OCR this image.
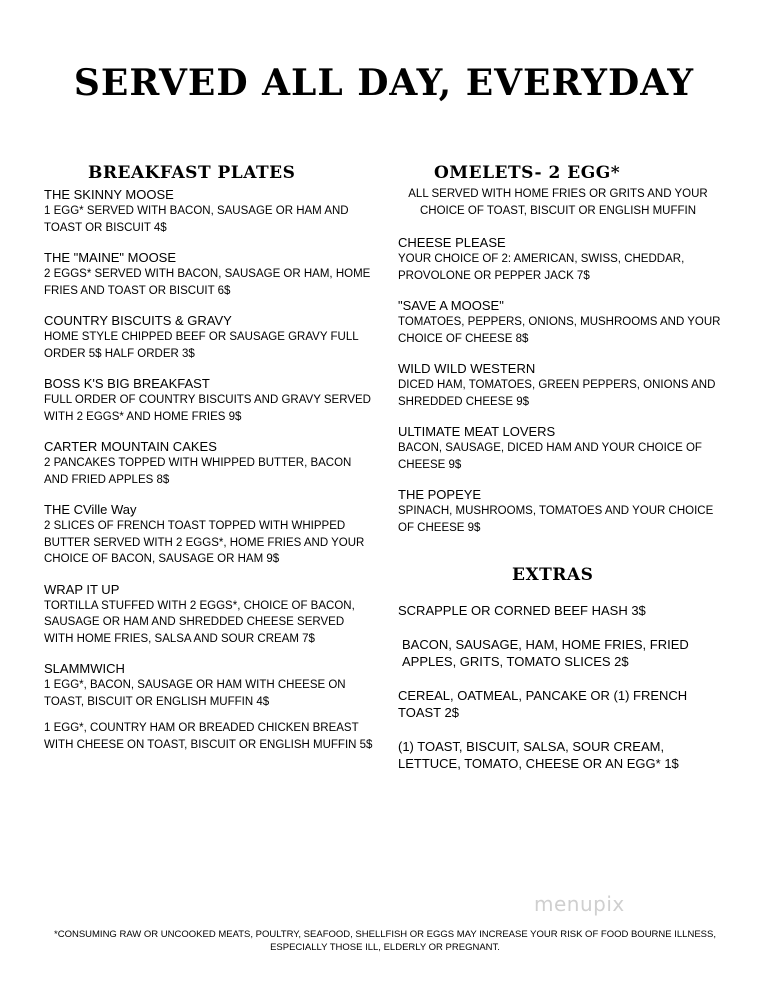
SERVED ALL DAY, EVERYDAY
BREAKFAST PLATES
THE SKINNY MOOSE
1 EGG* SERVED WITH BACON, SAUSAGE OR HAM AND TOAST OR BISCUIT 4$
THE "MAINE" MOOSE
2 EGGS* SERVED WITH BACON, SAUSAGE OR HAM, HOME FRIES AND TOAST OR BISCUIT 6$
COUNTRY BISCUITS & GRAVY
HOME STYLE CHIPPED BEEF OR SAUSAGE GRAVY FULL ORDER 5$ HALF ORDER 3$
BOSS K'S BIG BREAKFAST
FULL ORDER OF COUNTRY BISCUITS AND GRAVY SERVED WITH 2 EGGS* AND HOME FRIES 9$
CARTER MOUNTAIN CAKES
2 PANCAKES TOPPED WITH WHIPPED BUTTER, BACON AND FRIED APPLES 8$
THE CVille Way
2 SLICES OF FRENCH TOAST TOPPED WITH WHIPPED BUTTER SERVED WITH 2 EGGS*, HOME FRIES AND YOUR CHOICE OF BACON, SAUSAGE OR HAM 9$
WRAP IT UP
TORTILLA STUFFED WITH 2 EGGS*, CHOICE OF BACON, SAUSAGE OR HAM AND SHREDDED CHEESE SERVED WITH HOME FRIES, SALSA AND SOUR CREAM 7$
SLAMMWICH
1 EGG*, BACON, SAUSAGE OR HAM WITH CHEESE ON TOAST, BISCUIT OR ENGLISH MUFFIN 4$
1 EGG*, COUNTRY HAM OR BREADED CHICKEN BREAST WITH CHEESE ON TOAST, BISCUIT OR ENGLISH MUFFIN 5$
OMELETS- 2 EGG*
ALL SERVED WITH HOME FRIES OR GRITS AND YOUR CHOICE OF TOAST, BISCUIT OR ENGLISH MUFFIN
CHEESE PLEASE
YOUR CHOICE OF 2: AMERICAN, SWISS, CHEDDAR, PROVOLONE OR PEPPER JACK 7$
"SAVE A MOOSE"
TOMATOES, PEPPERS, ONIONS, MUSHROOMS AND YOUR CHOICE OF CHEESE 8$
WILD WILD WESTERN
DICED HAM, TOMATOES, GREEN PEPPERS, ONIONS AND SHREDDED CHEESE 9$
ULTIMATE MEAT LOVERS
BACON, SAUSAGE, DICED HAM AND YOUR CHOICE OF CHEESE 9$
THE POPEYE
SPINACH, MUSHROOMS, TOMATOES AND YOUR CHOICE OF CHEESE 9$
EXTRAS
SCRAPPLE OR CORNED BEEF HASH 3$
BACON, SAUSAGE, HAM, HOME FRIES, FRIED APPLES, GRITS, TOMATO SLICES 2$
CEREAL, OATMEAL, PANCAKE OR (1) FRENCH TOAST 2$
(1) TOAST, BISCUIT, SALSA, SOUR CREAM, LETTUCE, TOMATO, CHEESE OR AN EGG* 1$
menupix
*CONSUMING RAW OR UNCOOKED MEATS, POULTRY, SEAFOOD, SHELLFISH OR EGGS MAY INCREASE YOUR RISK OF FOOD BOURNE ILLNESS, ESPECIALLY THOSE ILL, ELDERLY OR PREGNANT.
